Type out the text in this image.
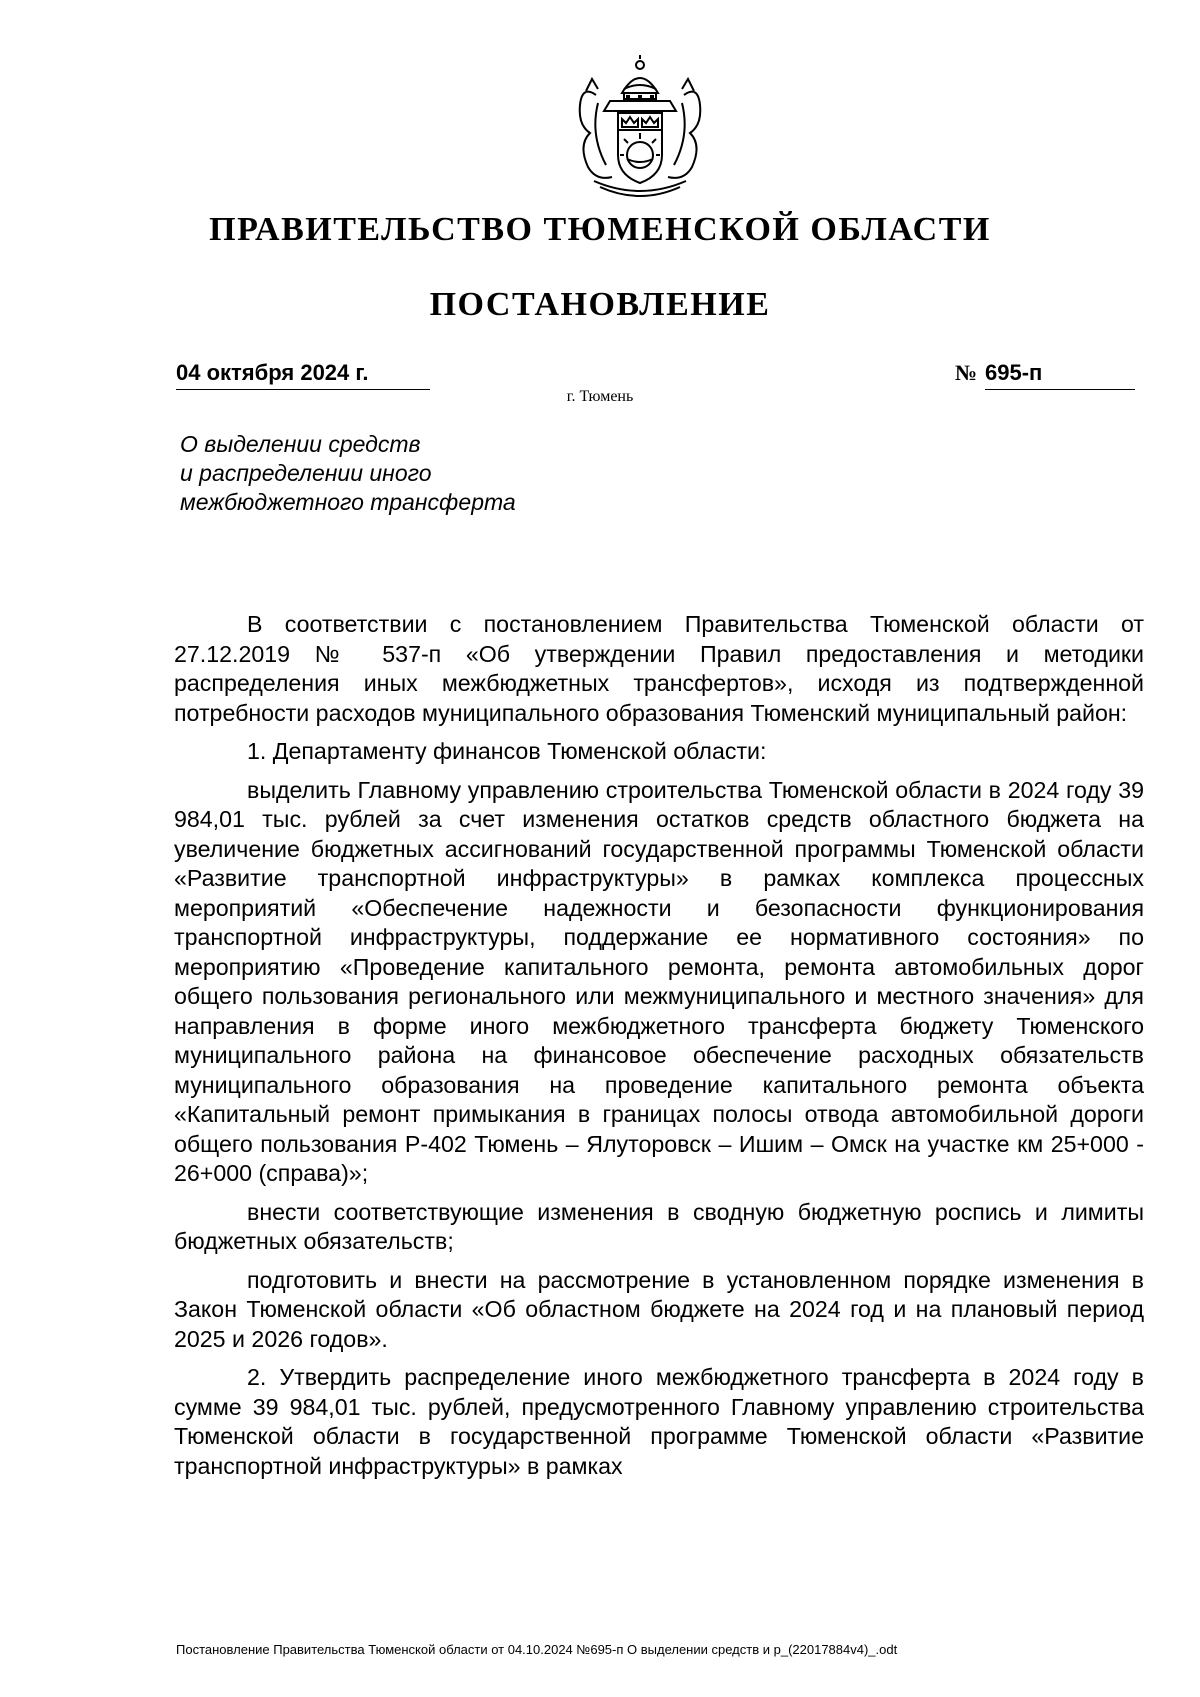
ПРАВИТЕЛЬСТВО ТЮМЕНСКОЙ ОБЛАСТИ
ПОСТАНОВЛЕНИЕ
04 октября 2024 г.	№ 695-п
г. Тюмень
О выделении средств
и распределении иного
межбюджетного трансферта

В соответствии с постановлением Правительства Тюменской области от 27.12.2019 № 537-п «Об утверждении Правил предоставления и методики распределения иных межбюджетных трансфертов», исходя из подтвержденной потребности расходов муниципального образования Тюменский муниципальный район:

1. Департаменту финансов Тюменской области:

выделить Главному управлению строительства Тюменской области в 2024 году 39 984,01 тыс. рублей за счет изменения остатков средств областного бюджета на увеличение бюджетных ассигнований государственной программы Тюменской области «Развитие транспортной инфраструктуры» в рамках комплекса процессных мероприятий «Обеспечение надежности и безопасности функционирования транспортной инфраструктуры, поддержание ее нормативного состояния» по мероприятию «Проведение капитального ремонта, ремонта автомобильных дорог общего пользования регионального или межмуниципального и местного значения» для направления в форме иного межбюджетного трансферта бюджету Тюменского муниципального района на финансовое обеспечение расходных обязательств муниципального образования на проведение капитального ремонта объекта «Капитальный ремонт примыкания в границах полосы отвода автомобильной дороги общего пользования Р-402 Тюмень – Ялуторовск – Ишим – Омск на участке км 25+000 - 26+000 (справа)»;

внести соответствующие изменения в сводную бюджетную роспись и лимиты бюджетных обязательств;

подготовить и внести на рассмотрение в установленном порядке изменения в Закон Тюменской области «Об областном бюджете на 2024 год и на плановый период 2025 и 2026 годов».

2. Утвердить распределение иного межбюджетного трансферта в 2024 году в сумме 39 984,01 тыс. рублей, предусмотренного Главному управлению строительства Тюменской области в государственной программе Тюменской области «Развитие транспортной инфраструктуры» в рамках

Постановление Правительства Тюменской области от 04.10.2024 №695-п О выделении средств и р_(22017884v4)_.odt
